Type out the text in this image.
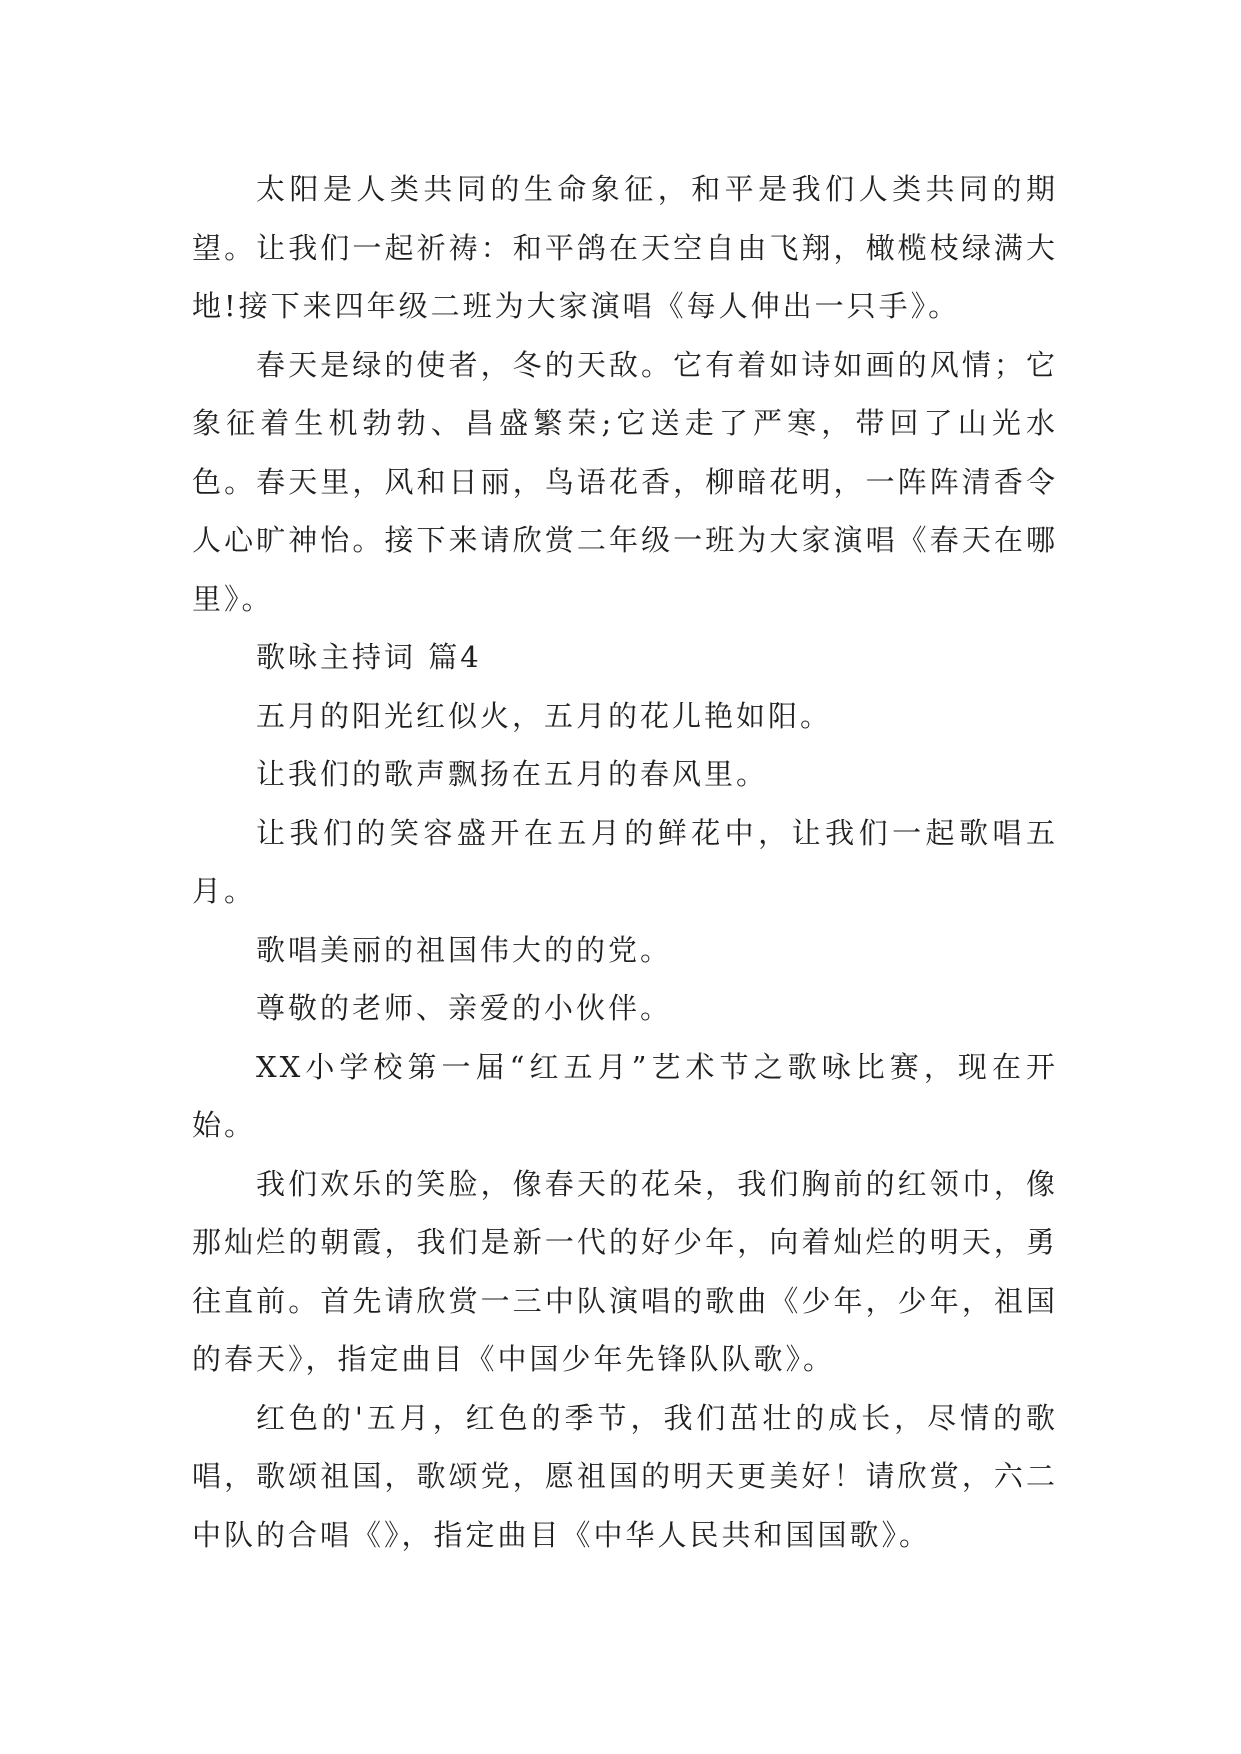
太阳是人类共同的生命象征，和平是我们人类共同的期望。让我们一起祈祷：和平鸽在天空自由飞翔，橄榄枝绿满大地!接下来四年级二班为大家演唱《每人伸出一只手》。

春天是绿的使者，冬的天敌。它有着如诗如画的风情；它象征着生机勃勃、昌盛繁荣;它送走了严寒，带回了山光水色。春天里，风和日丽，鸟语花香，柳暗花明，一阵阵清香令人心旷神怡。接下来请欣赏二年级一班为大家演唱《春天在哪里》。

歌咏主持词 篇4

五月的阳光红似火，五月的花儿艳如阳。

让我们的歌声飘扬在五月的春风里。

让我们的笑容盛开在五月的鲜花中，让我们一起歌唱五月。

歌唱美丽的祖国伟大的的党。

尊敬的老师、亲爱的小伙伴。

XX小学校第一届“红五月”艺术节之歌咏比赛，现在开始。

我们欢乐的笑脸，像春天的花朵，我们胸前的红领巾，像那灿烂的朝霞，我们是新一代的好少年，向着灿烂的明天，勇往直前。首先请欣赏一三中队演唱的歌曲《少年，少年，祖国的春天》，指定曲目《中国少年先锋队队歌》。

红色的'五月，红色的季节，我们茁壮的成长，尽情的歌唱，歌颂祖国，歌颂党，愿祖国的明天更美好！请欣赏，六二中队的合唱《》，指定曲目《中华人民共和国国歌》。
